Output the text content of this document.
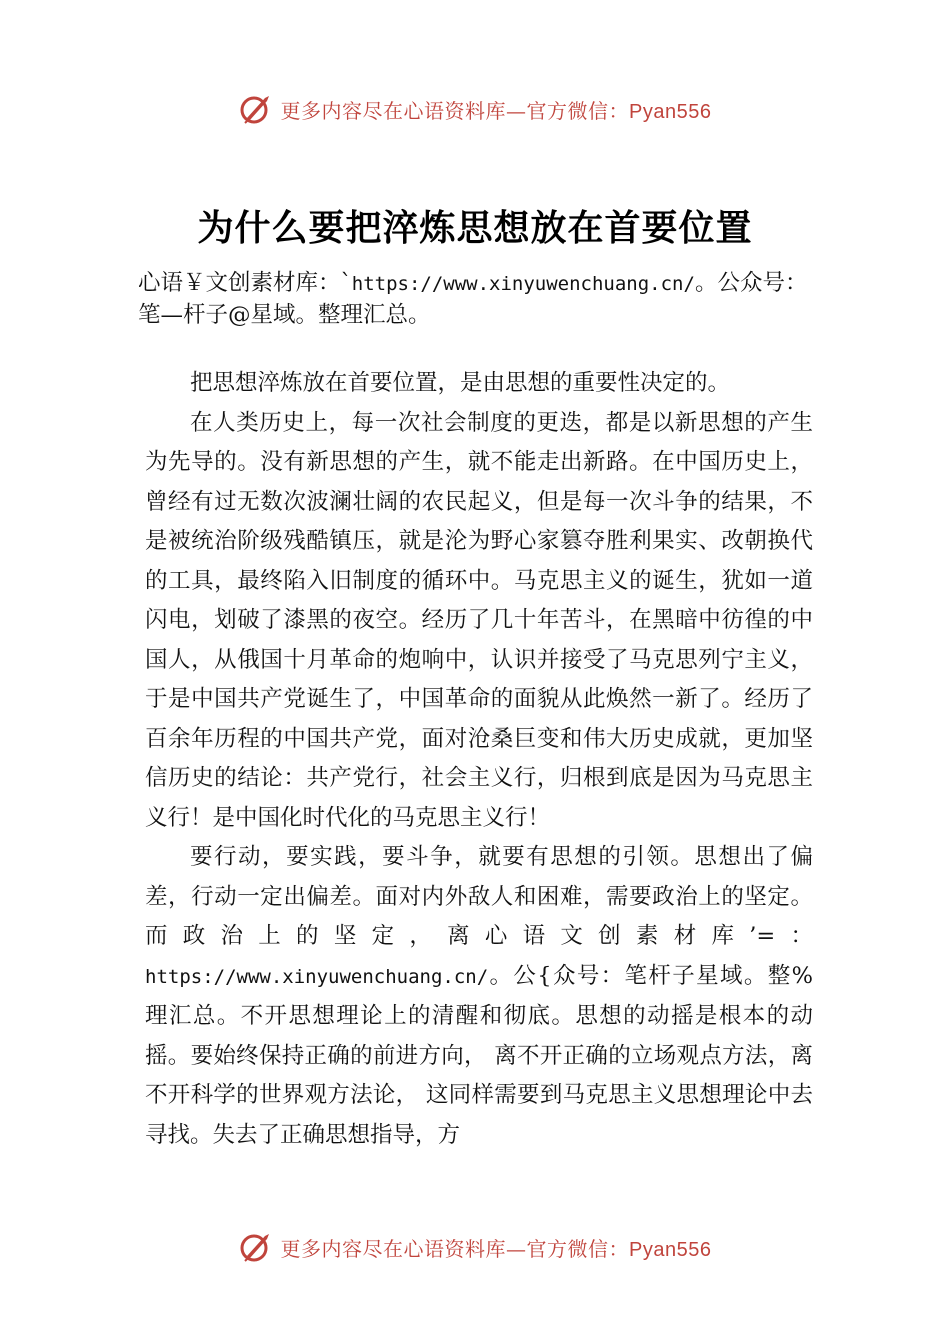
更多内容尽在心语资料库—官方微信：Pyan556
为什么要把淬炼思想放在首要位置
心语￥文创素材库：`https://www.xinyuwenchuang.cn/。公众号：笔—杆子@星域。整理汇总。

把思想淬炼放在首要位置，是由思想的重要性决定的。

在人类历史上，每一次社会制度的更迭，都是以新思想的产生为先导的。没有新思想的产生，就不能走出新路。在中国历史上，曾经有过无数次波澜壮阔的农民起义，但是每一次斗争的结果，不是被统治阶级残酷镇压，就是沦为野心家篡夺胜利果实、改朝换代的工具，最终陷入旧制度的循环中。马克思主义的诞生，犹如一道闪电，划破了漆黑的夜空。经历了几十年苦斗，在黑暗中彷徨的中国人，从俄国十月革命的炮响中，认识并接受了马克思列宁主义，于是中国共产党诞生了，中国革命的面貌从此焕然一新了。经历了百余年历程的中国共产党，面对沧桑巨变和伟大历史成就，更加坚信历史的结论：共产党行，社会主义行，归根到底是因为马克思主义行！是中国化时代化的马克思主义行！

要行动，要实践，要斗争，就要有思想的引领。思想出了偏差，行动一定出偏差。面对内外敌人和困难，需要政治上的坚定。而政治上的坚定，离心语文创素材库’=：https://www.xinyuwenchuang.cn/。公{众号：笔杆子星域。整%理汇总。不开思想理论上的清醒和彻底。思想的动摇是根本的动摇。要始终保持正确的前进方向， 离不开正确的立场观点方法，离不开科学的世界观方法论， 这同样需要到马克思主义思想理论中去寻找。失去了正确思想指导，方

更多内容尽在心语资料库—官方微信：Pyan556
